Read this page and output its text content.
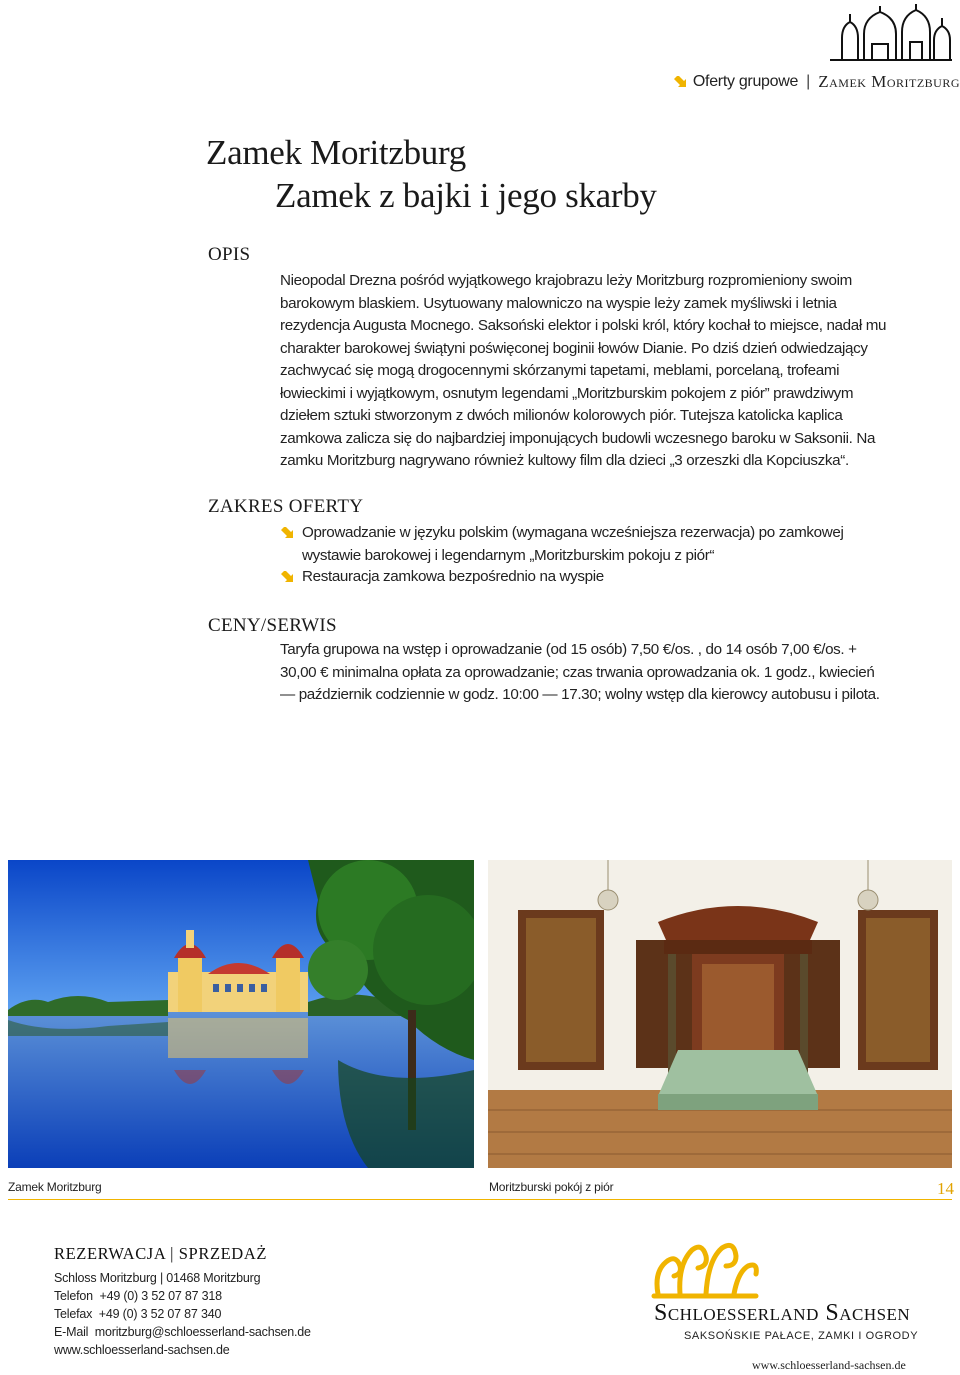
Oferty grupowe | Zamek Moritzburg
Zamek Moritzburg
Zamek z bajki i jego skarby
OPIS

Nieopodal Drezna pośród wyjątkowego krajobrazu leży Moritzburg rozpromieniony swoim barokowym blaskiem. Usytuowany malowniczo na wyspie leży zamek myśliwski i letnia rezydencja Augusta Mocnego. Saksoński elektor i polski król, który kochał to miejsce, nadał mu charakter barokowej świątyni poświęconej boginii łowów Dianie. Po dziś dzień odwiedzający zachwycać się mogą drogocennymi skórzanymi tapetami, meblami, porcelaną, trofeami łowieckimi i wyjątkowym, osnutym legendami „Moritzburskim pokojem z piór” prawdziwym dziełem sztuki stworzonym z dwóch milionów kolorowych piór. Tutejsza katolicka kaplica zamkowa zalicza się do najbardziej imponujących budowli wczesnego baroku w Saksonii. Na zamku Moritzburg nagrywano również kultowy film dla dzieci „3 orzeszki dla Kopciuszka“.

ZAKRES OFERTY
Oprowadzanie w języku polskim (wymagana wcześniejsza rezerwacja) po zamkowej wystawie barokowej i legendarnym „Moritzburskim pokoju z piór“
Restauracja zamkowa bezpośrednio na wyspie
CENY/SERWIS

Taryfa grupowa na wstęp i oprowadzanie (od 15 osób) 7,50 €/os. , do 14 osób 7,00 €/os. + 30,00 € minimalna opłata za oprowadzanie; czas trwania oprowadzania ok. 1 godz., kwiecień — październik codziennie w godz. 10:00 — 17.30; wolny wstęp dla kierowcy autobusu i pilota.

Zamek Moritzburg	Moritzburski pokój z piór	14
REZERWACJA | SPRZEDAŻ
Schloss Moritzburg | 01468 Moritzburg
Telefon +49 (0) 3 52 07 87 318
Telefax +49 (0) 3 52 07 87 340
E-Mail moritzburg@schloesserland-sachsen.de
www.schloesserland-sachsen.de
Schloesserland Sachsen
SAKSOŃSKIE PAŁACE, ZAMKI I OGRODY
www.schloesserland-sachsen.de
